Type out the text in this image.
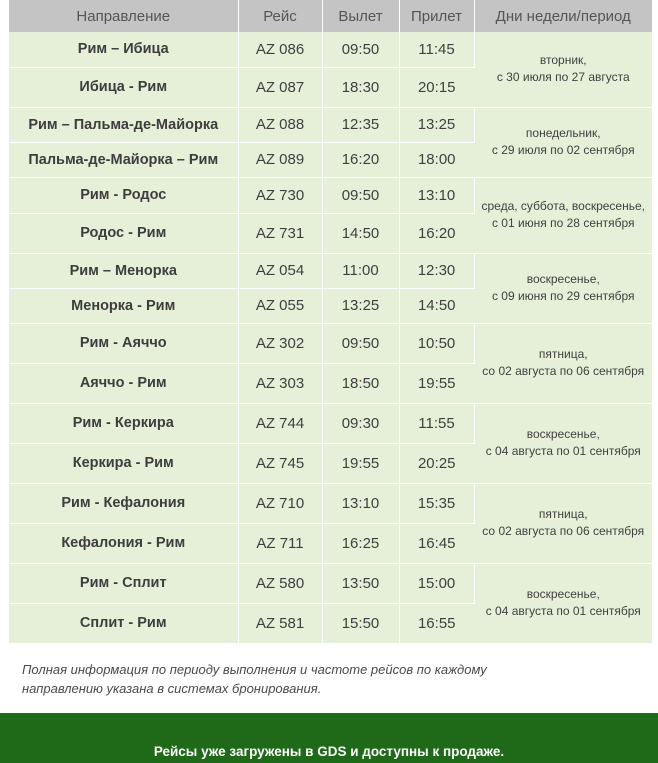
Направление	Рейс	Вылет	Прилет	Дни недели/период
Рим – Ибица	AZ 086	09:50	11:45	вторник,
с 30 июля по 27 августа

Ибица - Рим	AZ 087	18:30	20:15	
Рим – Пальма-де-Майорка	AZ 088	12:35	13:25	понедельник,
с 29 июля по 02 сентября

Пальма-де-Майорка – Рим	AZ 089	16:20	18:00	
Рим - Родос	AZ 730	09:50	13:10	среда, суббота, воскресенье,
с 01 июня по 28 сентября

Родос - Рим	AZ 731	14:50	16:20	
Рим – Менорка	AZ 054	11:00	12:30	воскресенье,
с 09 июня по 29 сентября

Менорка - Рим	AZ 055	13:25	14:50	
Рим - Аяччо	AZ 302	09:50	10:50	пятница,
со 02 августа по 06 сентября

Аяччо - Рим	AZ 303	18:50	19:55	
Рим - Керкира	AZ 744	09:30	11:55	воскресенье,
с 04 августа по 01 сентября

Керкира - Рим	AZ 745	19:55	20:25	
Рим - Кефалония	AZ 710	13:10	15:35	пятница,
со 02 августа по 06 сентября

Кефалония - Рим	AZ 711	16:25	16:45	
Рим - Сплит	AZ 580	13:50	15:00	воскресенье,
с 04 августа по 01 сентября

Сплит - Рим	AZ 581	15:50	16:55	
Полная информация по периоду выполнения и частоте рейсов по каждому
направлению указана в системах бронирования.
Рейсы уже загружены в GDS и доступны к продаже.
